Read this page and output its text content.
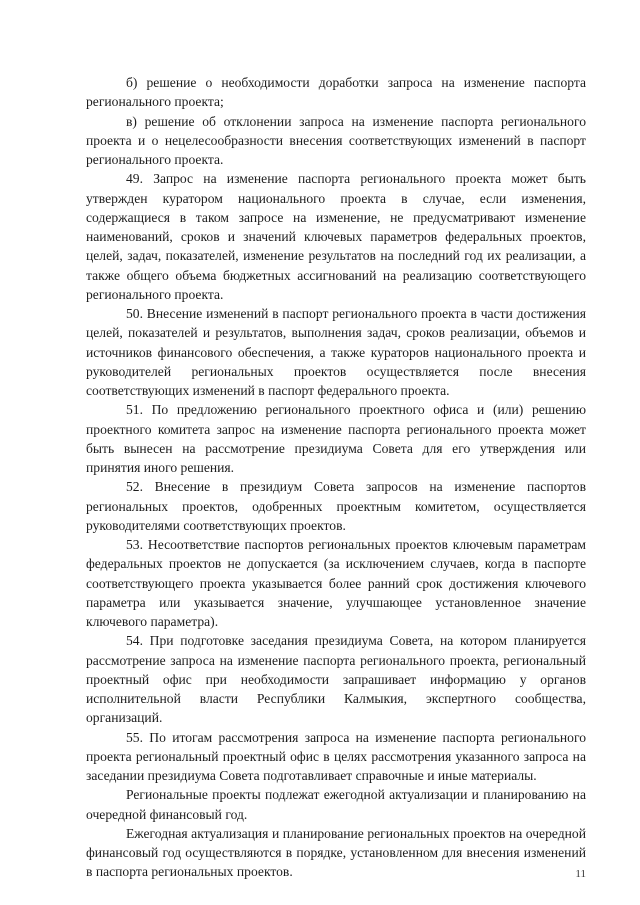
б) решение о необходимости доработки запроса на изменение паспорта регионального проекта;

в) решение об отклонении запроса на изменение паспорта регионального проекта и о нецелесообразности внесения соответствующих изменений в паспорт регионального проекта.

49. Запрос на изменение паспорта регионального проекта может быть утвержден куратором национального проекта в случае, если изменения, содержащиеся в таком запросе на изменение, не предусматривают изменение наименований, сроков и значений ключевых параметров федеральных проектов, целей, задач, показателей, изменение результатов на последний год их реализации, а также общего объема бюджетных ассигнований на реализацию соответствующего регионального проекта.

50. Внесение изменений в паспорт регионального проекта в части достижения целей, показателей и результатов, выполнения задач, сроков реализации, объемов и источников финансового обеспечения, а также кураторов национального проекта и руководителей региональных проектов осуществляется после внесения соответствующих изменений в паспорт федерального проекта.

51. По предложению регионального проектного офиса и (или) решению проектного комитета запрос на изменение паспорта регионального проекта может быть вынесен на рассмотрение президиума Совета для его утверждения или принятия иного решения.

52. Внесение в президиум Совета запросов на изменение паспортов региональных проектов, одобренных проектным комитетом, осуществляется руководителями соответствующих проектов.

53. Несоответствие паспортов региональных проектов ключевым параметрам федеральных проектов не допускается (за исключением случаев, когда в паспорте соответствующего проекта указывается более ранний срок достижения ключевого параметра или указывается значение, улучшающее установленное значение ключевого параметра).

54. При подготовке заседания президиума Совета, на котором планируется рассмотрение запроса на изменение паспорта регионального проекта, региональный проектный офис при необходимости запрашивает информацию у органов исполнительной власти Республики Калмыкия, экспертного сообщества, организаций.

55. По итогам рассмотрения запроса на изменение паспорта регионального проекта региональный проектный офис в целях рассмотрения указанного запроса на заседании президиума Совета подготавливает справочные и иные материалы.

Региональные проекты подлежат ежегодной актуализации и планированию на очередной финансовый год.

Ежегодная актуализация и планирование региональных проектов на очередной финансовый год осуществляются в порядке, установленном для внесения изменений в паспорта региональных проектов.	11
